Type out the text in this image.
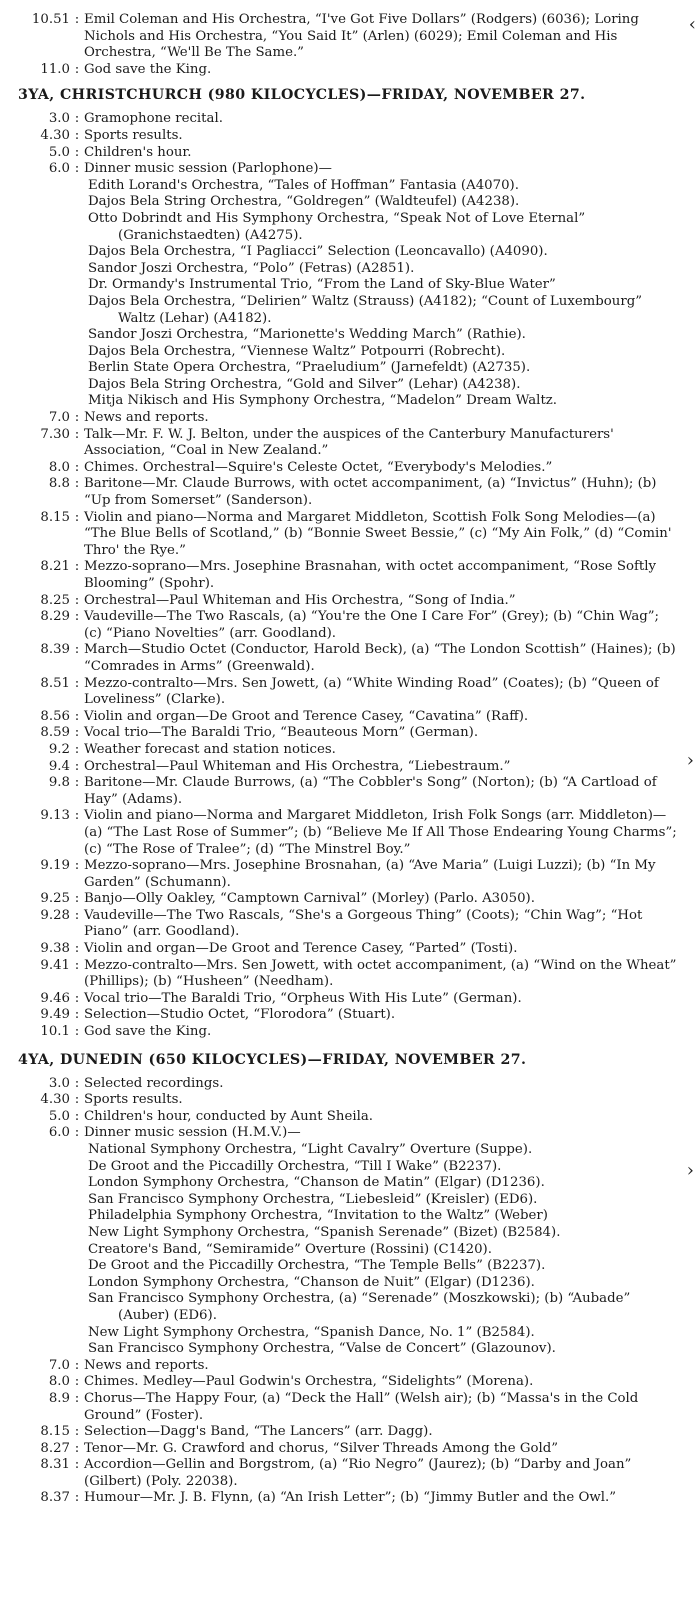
10.51 : Emil Coleman and His Orchestra, “I've Got Five Dollars” (Rodgers) (6036); Loring Nichols and His Orchestra, “You Said It” (Arlen) (6029); Emil Coleman and His Orchestra, “We'll Be The Same.”
11.0 : God save the King.
3YA, CHRISTCHURCH (980 KILOCYCLES)—FRIDAY, NOVEMBER 27.
3.0 : Gramophone recital.
4.30 : Sports results.
5.0 : Children's hour.
6.0 : Dinner music session (Parlophone)—
Edith Lorand's Orchestra, “Tales of Hoffman” Fantasia (A4070).
Dajos Bela String Orchestra, “Goldregen” (Waldteufel) (A4238).
Otto Dobrindt and His Symphony Orchestra, “Speak Not of Love Eternal” (Granichstaedten) (A4275).
Dajos Bela Orchestra, “I Pagliacci” Selection (Leoncavallo) (A4090).
Sandor Joszi Orchestra, “Polo” (Fetras) (A2851).
Dr. Ormandy's Instrumental Trio, “From the Land of Sky-Blue Water”
Dajos Bela Orchestra, “Delirien” Waltz (Strauss) (A4182); “Count of Luxembourg” Waltz (Lehar) (A4182).
Sandor Joszi Orchestra, “Marionette's Wedding March” (Rathie).
Dajos Bela Orchestra, “Viennese Waltz” Potpourri (Robrecht).
Berlin State Opera Orchestra, “Praeludium” (Jarnefeldt) (A2735).
Dajos Bela String Orchestra, “Gold and Silver” (Lehar) (A4238).
Mitja Nikisch and His Symphony Orchestra, “Madelon” Dream Waltz.
7.0 : News and reports.
7.30 : Talk—Mr. F. W. J. Belton, under the auspices of the Canterbury Manufacturers' Association, “Coal in New Zealand.”
8.0 : Chimes. Orchestral—Squire's Celeste Octet, “Everybody's Melodies.”
8.8 : Baritone—Mr. Claude Burrows, with octet accompaniment, (a) “Invictus” (Huhn); (b) “Up from Somerset” (Sanderson).
8.15 : Violin and piano—Norma and Margaret Middleton, Scottish Folk Song Melodies—(a) “The Blue Bells of Scotland,” (b) “Bonnie Sweet Bessie,” (c) “My Ain Folk,” (d) “Comin' Thro' the Rye.”
8.21 : Mezzo-soprano—Mrs. Josephine Brasnahan, with octet accompaniment, “Rose Softly Blooming” (Spohr).
8.25 : Orchestral—Paul Whiteman and His Orchestra, “Song of India.”
8.29 : Vaudeville—The Two Rascals, (a) “You're the One I Care For” (Grey); (b) “Chin Wag”; (c) “Piano Novelties” (arr. Goodland).
8.39 : March—Studio Octet (Conductor, Harold Beck), (a) “The London Scottish” (Haines); (b) “Comrades in Arms” (Greenwald).
8.51 : Mezzo-contralto—Mrs. Sen Jowett, (a) “White Winding Road” (Coates); (b) “Queen of Loveliness” (Clarke).
8.56 : Violin and organ—De Groot and Terence Casey, “Cavatina” (Raff).
8.59 : Vocal trio—The Baraldi Trio, “Beauteous Morn” (German).
9.2 : Weather forecast and station notices.
9.4 : Orchestral—Paul Whiteman and His Orchestra, “Liebestraum.”
9.8 : Baritone—Mr. Claude Burrows, (a) “The Cobbler's Song” (Norton); (b) “A Cartload of Hay” (Adams).
9.13 : Violin and piano—Norma and Margaret Middleton, Irish Folk Songs (arr. Middleton)—(a) “The Last Rose of Summer”; (b) “Believe Me If All Those Endearing Young Charms”; (c) “The Rose of Tralee”; (d) “The Minstrel Boy.”
9.19 : Mezzo-soprano—Mrs. Josephine Brosnahan, (a) “Ave Maria” (Luigi Luzzi); (b) “In My Garden” (Schumann).
9.25 : Banjo—Olly Oakley, “Camptown Carnival” (Morley) (Parlo. A3050).
9.28 : Vaudeville—The Two Rascals, “She's a Gorgeous Thing” (Coots); “Chin Wag”; “Hot Piano” (arr. Goodland).
9.38 : Violin and organ—De Groot and Terence Casey, “Parted” (Tosti).
9.41 : Mezzo-contralto—Mrs. Sen Jowett, with octet accompaniment, (a) “Wind on the Wheat” (Phillips); (b) “Husheen” (Needham).
9.46 : Vocal trio—The Baraldi Trio, “Orpheus With His Lute” (German).
9.49 : Selection—Studio Octet, “Florodora” (Stuart).
10.1 : God save the King.
4YA, DUNEDIN (650 KILOCYCLES)—FRIDAY, NOVEMBER 27.
3.0 : Selected recordings.
4.30 : Sports results.
5.0 : Children's hour, conducted by Aunt Sheila.
6.0 : Dinner music session (H.M.V.)—
National Symphony Orchestra, “Light Cavalry” Overture (Suppe).
De Groot and the Piccadilly Orchestra, “Till I Wake” (B2237).
London Symphony Orchestra, “Chanson de Matin” (Elgar) (D1236).
San Francisco Symphony Orchestra, “Liebesleid” (Kreisler) (ED6).
Philadelphia Symphony Orchestra, “Invitation to the Waltz” (Weber)
New Light Symphony Orchestra, “Spanish Serenade” (Bizet) (B2584).
Creatore's Band, “Semiramide” Overture (Rossini) (C1420).
De Groot and the Piccadilly Orchestra, “The Temple Bells” (B2237).
London Symphony Orchestra, “Chanson de Nuit” (Elgar) (D1236).
San Francisco Symphony Orchestra, (a) “Serenade” (Moszkowski); (b) “Aubade” (Auber) (ED6).
New Light Symphony Orchestra, “Spanish Dance, No. 1” (B2584).
San Francisco Symphony Orchestra, “Valse de Concert” (Glazounov).
7.0 : News and reports.
8.0 : Chimes. Medley—Paul Godwin's Orchestra, “Sidelights” (Morena).
8.9 : Chorus—The Happy Four, (a) “Deck the Hall” (Welsh air); (b) “Massa's in the Cold Ground” (Foster).
8.15 : Selection—Dagg's Band, “The Lancers” (arr. Dagg).
8.27 : Tenor—Mr. G. Crawford and chorus, “Silver Threads Among the Gold”
8.31 : Accordion—Gellin and Borgstrom, (a) “Rio Negro” (Jaurez); (b) “Darby and Joan” (Gilbert) (Poly. 22038).
8.37 : Humour—Mr. J. B. Flynn, (a) “An Irish Letter”; (b) “Jimmy Butler and the Owl.”
‹
›
›
